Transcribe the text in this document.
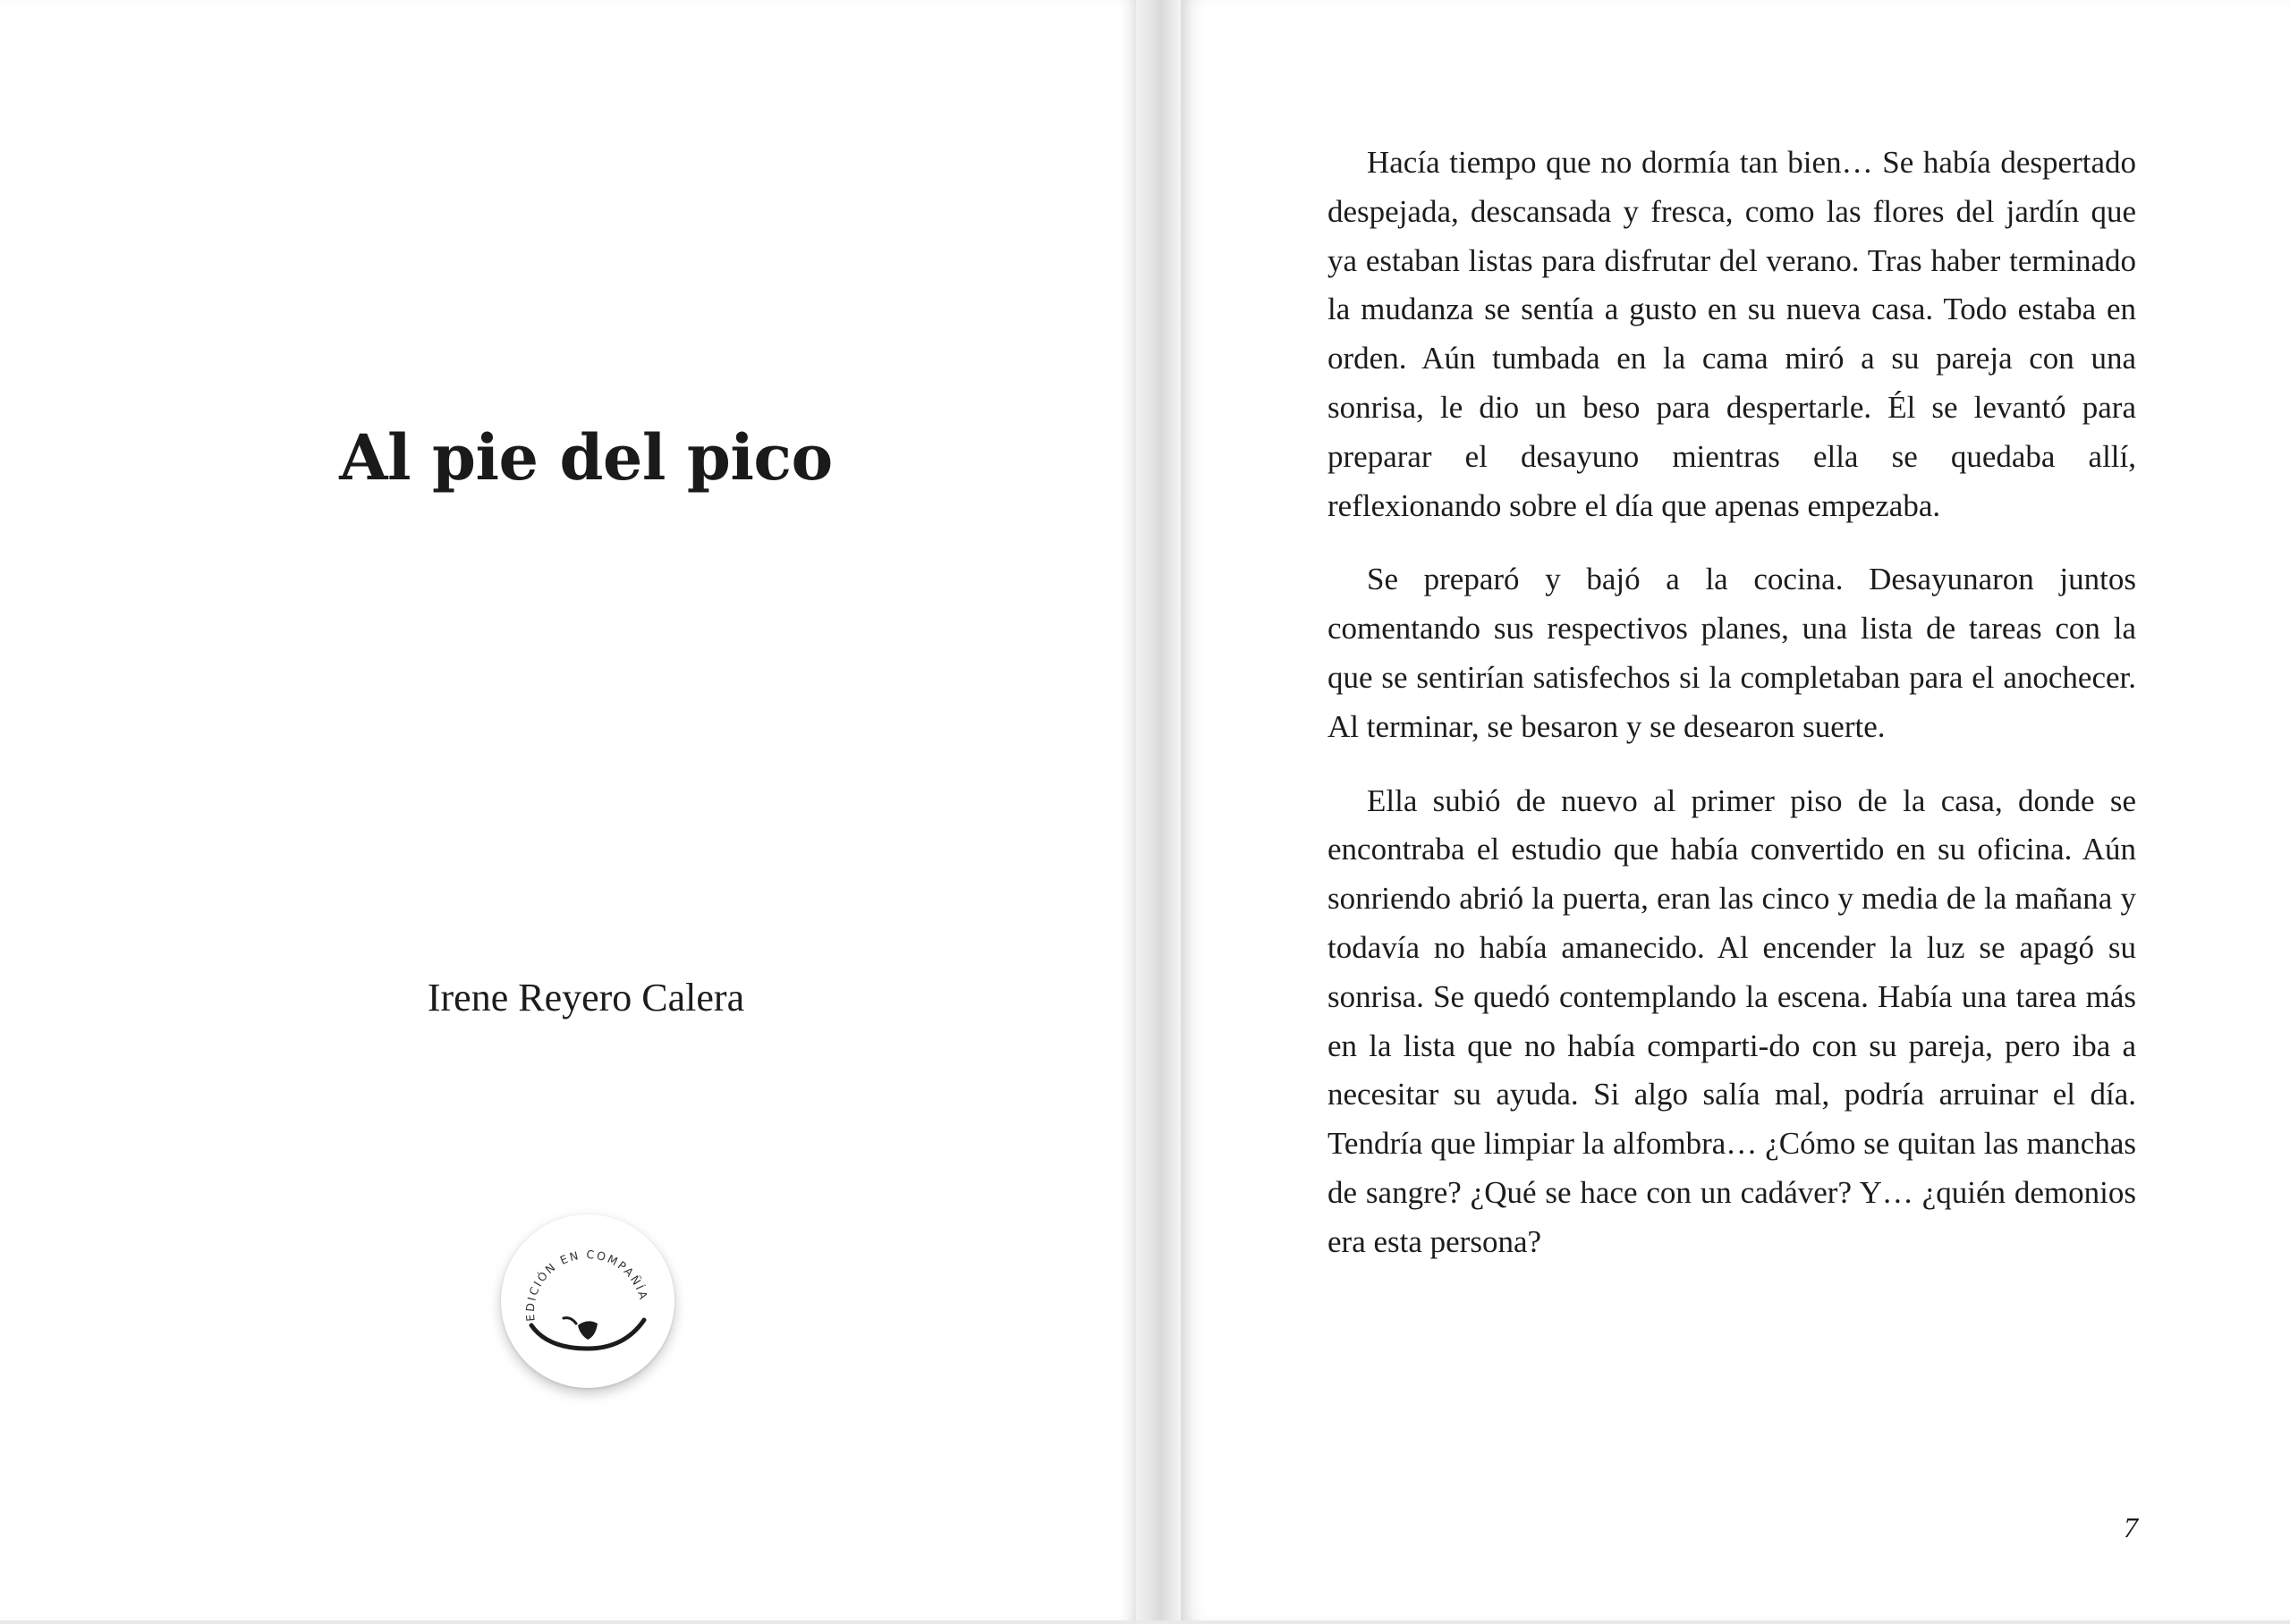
Al pie del pico
Irene Reyero Calera
EDICIÓN EN COMPAÑÍA

Hacía tiempo que no dormía tan bien… Se había despertado despejada, descansada y fresca, como las flores del jardín que ya estaban listas para disfrutar del verano. Tras haber terminado la mudanza se sentía a gusto en su nueva casa. Todo estaba en orden. Aún tumbada en la cama miró a su pareja con una sonrisa, le dio un beso para despertarle. Él se levantó para preparar el desayuno mientras ella se quedaba allí, reflexionando sobre el día que apenas empezaba.

Se preparó y bajó a la cocina. Desayunaron juntos comentando sus respectivos planes, una lista de tareas con la que se sentirían satisfechos si la completaban para el anochecer. Al terminar, se besaron y se desearon suerte.

Ella subió de nuevo al primer piso de la casa, donde se encontraba el estudio que había convertido en su oficina. Aún sonriendo abrió la puerta, eran las cinco y media de la mañana y todavía no había amanecido. Al encender la luz se apagó su sonrisa. Se quedó contemplando la escena. Había una tarea más en la lista que no había comparti-do con su pareja, pero iba a necesitar su ayuda. Si algo salía mal, podría arruinar el día. Tendría que limpiar la alfombra… ¿Cómo se quitan las manchas de sangre? ¿Qué se hace con un cadáver? Y… ¿quién demonios era esta persona?

7
